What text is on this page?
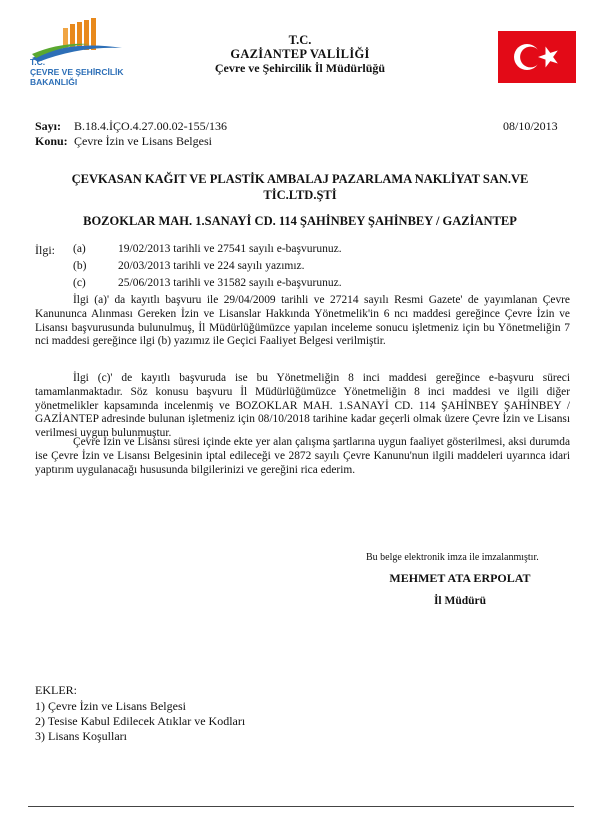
T.C.
ÇEVRE VE ŞEHİRCİLİK
BAKANLIĞI
T.C.
GAZİANTEP VALİLİĞİ
Çevre ve Şehircilik İl Müdürlüğü
Sayı: B.18.4.İÇO.4.27.00.02-155/136
Konu: Çevre İzin ve Lisans Belgesi
08/10/2013
ÇEVKASAN KAĞIT VE PLASTİK AMBALAJ PAZARLAMA NAKLİYAT SAN.VE TİC.LTD.ŞTİ
BOZOKLAR MAH. 1.SANAYİ CD. 114 ŞAHİNBEY ŞAHİNBEY / GAZİANTEP
İlgi: (a)	19/02/2013 tarihli ve 27541 sayılı e-başvurunuz.
(b)	20/03/2013 tarihli ve 224 sayılı yazımız.
(c)	25/06/2013 tarihli ve 31582 sayılı e-başvurunuz.
İlgi (a)' da kayıtlı başvuru ile 29/04/2009 tarihli ve 27214 sayılı Resmi Gazete' de yayımlanan Çevre Kanununca Alınması Gereken İzin ve Lisanslar Hakkında Yönetmelik'in 6 ncı maddesi gereğince Çevre İzin ve Lisansı başvurusunda bulunulmuş, İl Müdürlüğümüzce yapılan inceleme sonucu işletmeniz için bu Yönetmeliğin 7 nci maddesi gereğince ilgi (b) yazımız ile Geçici Faaliyet Belgesi verilmiştir.
İlgi (c)' de kayıtlı başvuruda ise bu Yönetmeliğin 8 inci maddesi gereğince e-başvuru süreci tamamlanmaktadır. Söz konusu başvuru İl Müdürlüğümüzce Yönetmeliğin 8 inci maddesi ve ilgili diğer yönetmelikler kapsamında incelenmiş ve BOZOKLAR MAH. 1.SANAYİ CD. 114 ŞAHİNBEY ŞAHİNBEY / GAZİANTEP adresinde bulunan işletmeniz için 08/10/2018 tarihine kadar geçerli olmak üzere Çevre İzin ve Lisansı verilmesi uygun bulunmuştur.
Çevre İzin ve Lisansı süresi içinde ekte yer alan çalışma şartlarına uygun faaliyet gösterilmesi, aksi durumda ise Çevre İzin ve Lisansı Belgesinin iptal edileceği ve 2872 sayılı Çevre Kanunu'nun ilgili maddeleri uyarınca idari yaptırım uygulanacağı hususunda bilgilerinizi ve gereğini rica ederim.
Bu belge elektronik imza ile imzalanmıştır.
MEHMET ATA ERPOLAT
İl Müdürü
EKLER:
1) Çevre İzin ve Lisans Belgesi
2) Tesise Kabul Edilecek Atıklar ve Kodları
3) Lisans Koşulları
